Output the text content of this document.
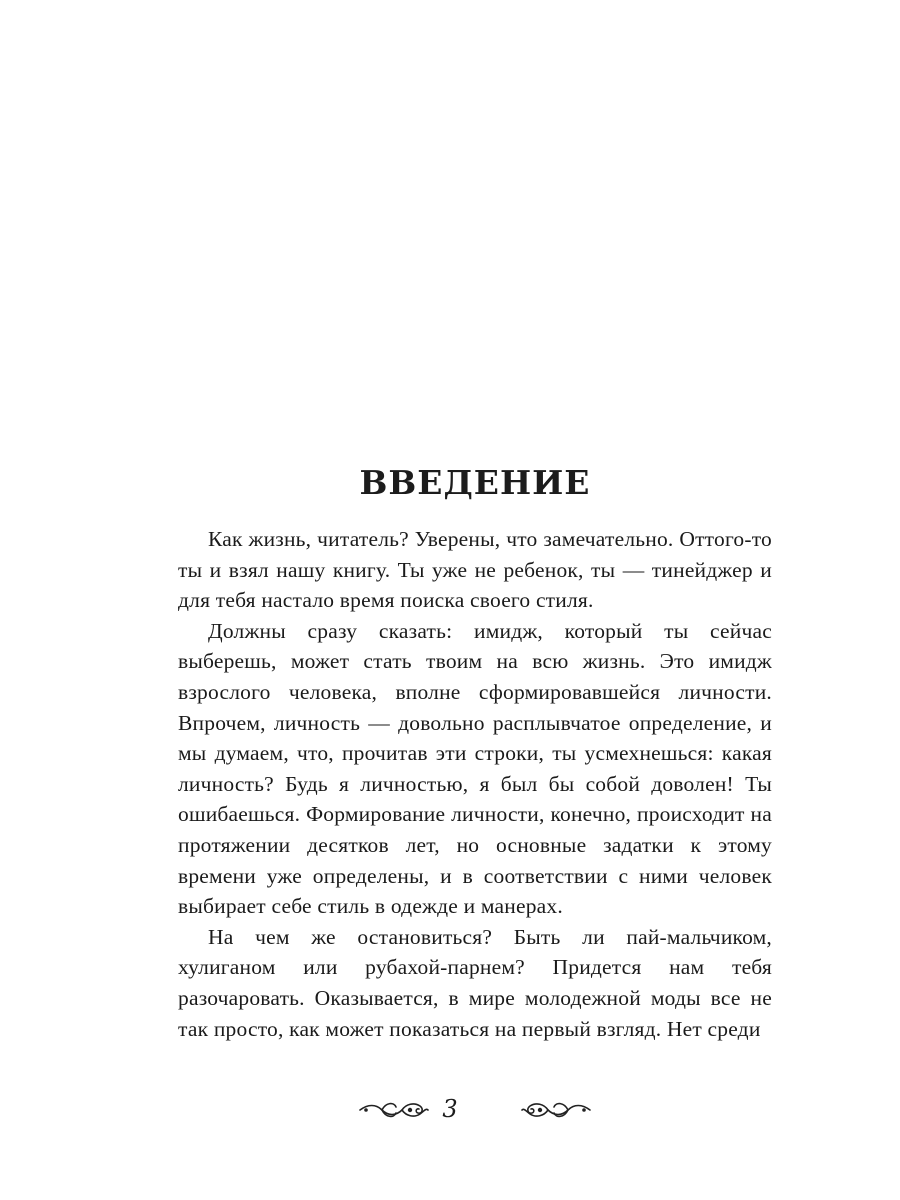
ВВЕДЕНИЕ

Как жизнь, читатель? Уверены, что замечательно. Оттого-то ты и взял нашу книгу. Ты уже не ребенок, ты — тинейджер и для тебя настало время поиска своего стиля.

Должны сразу сказать: имидж, который ты сейчас выберешь, может стать твоим на всю жизнь. Это имидж взрослого человека, вполне сформировавшейся личности. Впрочем, личность — довольно расплывчатое определение, и мы думаем, что, прочитав эти строки, ты усмехнешься: какая личность? Будь я личностью, я был бы собой доволен! Ты ошибаешься. Формирование личности, конечно, происходит на протяжении десятков лет, но основные задатки к этому времени уже определены, и в соответствии с ними человек выбирает себе стиль в одежде и манерах.

На чем же остановиться? Быть ли пай-мальчиком, хулиганом или рубахой-парнем? Придется нам тебя разочаровать. Оказывается, в мире молодежной моды все не так просто, как может показаться на первый взгляд. Нет среди

3
